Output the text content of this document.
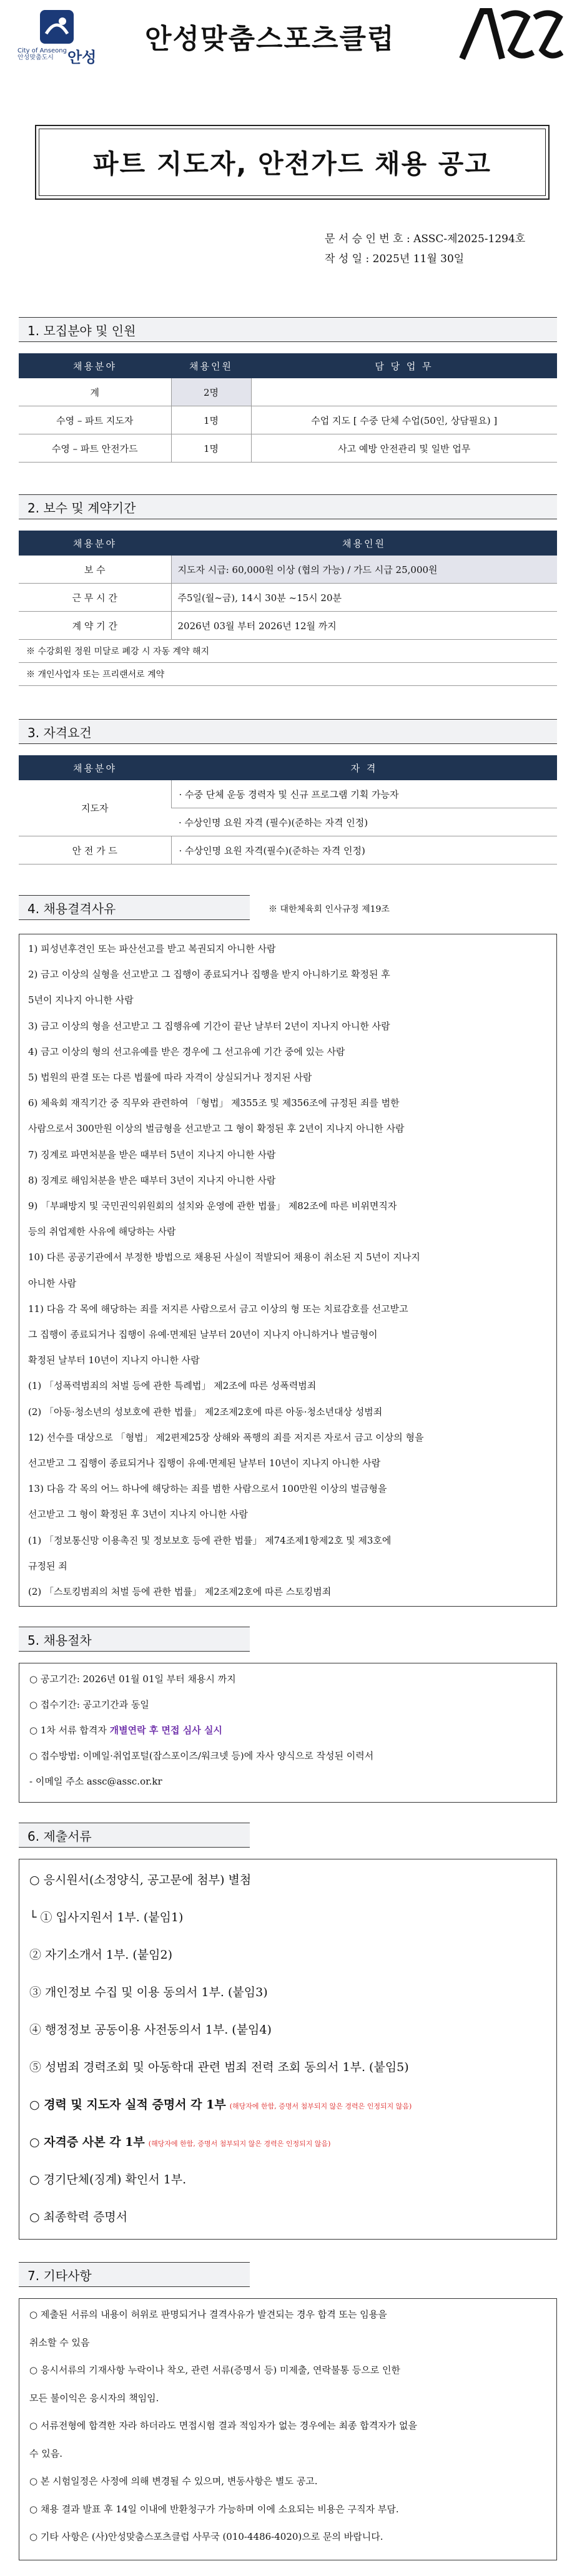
City of Anseong
안성맞춤도시 안성
안성맞춤스포츠클럽
파트 지도자, 안전가드 채용 공고
문 서 승 인 번 호 : ASSC-제2025-1294호
작 성 일 : 2025년 11월 30일
1. 모집분야 및 인원
채용분야	채용인원	담 당 업 무
계	2명	
수영 – 파트 지도자	1명	수업 지도 [ 수중 단체 수업(50인, 상담필요) ]
수영 – 파트 안전가드	1명	사고 예방 안전관리 및 일반 업무
2. 보수 및 계약기간
채용분야	채용인원
보 수	지도자 시급: 60,000원 이상 (협의 가능) / 가드 시급 25,000원
근 무 시 간	주5일(월~금), 14시 30분 ~15시 20분
계 약 기 간	2026년 03월 부터 2026년 12월 까지
※ 수강회원 정원 미달로 폐강 시 자동 계약 해지	
※ 개인사업자 또는 프리랜서로 계약	
3. 자격요건
채용분야	자 격
지도자	· 수중 단체 운동 경력자 및 신규 프로그램 기획 가능자
	· 수상인명 요원 자격 (필수)(준하는 자격 인정)
안 전 가 드	· 수상인명 요원 자격(필수)(준하는 자격 인정)
4. 채용결격사유	※ 대한체육회 인사규정 제19조
1) 피성년후견인 또는 파산선고를 받고 복권되지 아니한 사람
2) 금고 이상의 실형을 선고받고 그 집행이 종료되거나 집행을 받지 아니하기로 확정된 후
5년이 지나지 아니한 사람
3) 금고 이상의 형을 선고받고 그 집행유예 기간이 끝난 날부터 2년이 지나지 아니한 사람
4) 금고 이상의 형의 선고유예를 받은 경우에 그 선고유예 기간 중에 있는 사람
5) 법원의 판결 또는 다른 법률에 따라 자격이 상실되거나 정지된 사람
6) 체육회 재직기간 중 직무와 관련하여 「형법」 제355조 및 제356조에 규정된 죄를 범한
사람으로서 300만원 이상의 벌금형을 선고받고 그 형이 확정된 후 2년이 지나지 아니한 사람
7) 징계로 파면처분을 받은 때부터 5년이 지나지 아니한 사람
8) 징계로 해임처분을 받은 때부터 3년이 지나지 아니한 사람
9) 「부패방지 및 국민권익위원회의 설치와 운영에 관한 법률」 제82조에 따른 비위면직자
등의 취업제한 사유에 해당하는 사람
10) 다른 공공기관에서 부정한 방법으로 채용된 사실이 적발되어 채용이 취소된 지 5년이 지나지
아니한 사람
11) 다음 각 목에 해당하는 죄를 저지른 사람으로서 금고 이상의 형 또는 치료감호를 선고받고
그 집행이 종료되거나 집행이 유예·면제된 날부터 20년이 지나지 아니하거나 벌금형이
확정된 날부터 10년이 지나지 아니한 사람
(1) 「성폭력범죄의 처벌 등에 관한 특례법」 제2조에 따른 성폭력범죄
(2) 「아동·청소년의 성보호에 관한 법률」 제2조제2호에 따른 아동·청소년대상 성범죄
12) 선수를 대상으로 「형법」 제2편제25장 상해와 폭행의 죄를 저지른 자로서 금고 이상의 형을
선고받고 그 집행이 종료되거나 집행이 유예·면제된 날부터 10년이 지나지 아니한 사람
13) 다음 각 목의 어느 하나에 해당하는 죄를 범한 사람으로서 100만원 이상의 벌금형을
선고받고 그 형이 확정된 후 3년이 지나지 아니한 사람
(1) 「정보통신망 이용촉진 및 정보보호 등에 관한 법률」 제74조제1항제2호 및 제3호에
규정된 죄
(2) 「스토킹범죄의 처벌 등에 관한 법률」 제2조제2호에 따른 스토킹범죄
5. 채용절차
○ 공고기간: 2026년 01월 01일 부터 채용시 까지
○ 접수기간: 공고기간과 동일
○ 1차 서류 합격자 개별연락 후 면접 심사 실시
○ 접수방법: 이메일·취업포털(잡스포이즈/워크넷 등)에 자사 양식으로 작성된 이력서
- 이메일 주소 assc@assc.or.kr
6. 제출서류
○ 응시원서(소정양식, 공고문에 첨부) 별첨
└ ① 입사지원서 1부. (붙임1)
② 자기소개서 1부. (붙임2)
③ 개인정보 수집 및 이용 동의서 1부. (붙임3)
④ 행정정보 공동이용 사전동의서 1부. (붙임4)
⑤ 성범죄 경력조회 및 아동학대 관련 범죄 전력 조회 동의서 1부. (붙임5)
○ 경력 및 지도자 실적 증명서 각 1부 (해당자에 한함, 증명서 첨부되지 않은 경력은 인정되지 않음)
○ 자격증 사본 각 1부 (해당자에 한함, 증명서 첨부되지 않은 경력은 인정되지 않음)
○ 경기단체(징계) 확인서 1부.
○ 최종학력 증명서
7. 기타사항
○ 제출된 서류의 내용이 허위로 판명되거나 결격사유가 발견되는 경우 합격 또는 임용을
취소할 수 있음
○ 응시서류의 기재사항 누락이나 착오, 관련 서류(증명서 등) 미제출, 연락불통 등으로 인한
모든 불이익은 응시자의 책임임.
○ 서류전형에 합격한 자라 하더라도 면접시험 결과 적임자가 없는 경우에는 최종 합격자가 없을
수 있음.
○ 본 시험일정은 사정에 의해 변경될 수 있으며, 변동사항은 별도 공고.
○ 채용 결과 발표 후 14일 이내에 반환청구가 가능하며 이에 소요되는 비용은 구직자 부담.
○ 기타 사항은 (사)안성맞춤스포츠클럽 사무국 (010-4486-4020)으로 문의 바랍니다.
